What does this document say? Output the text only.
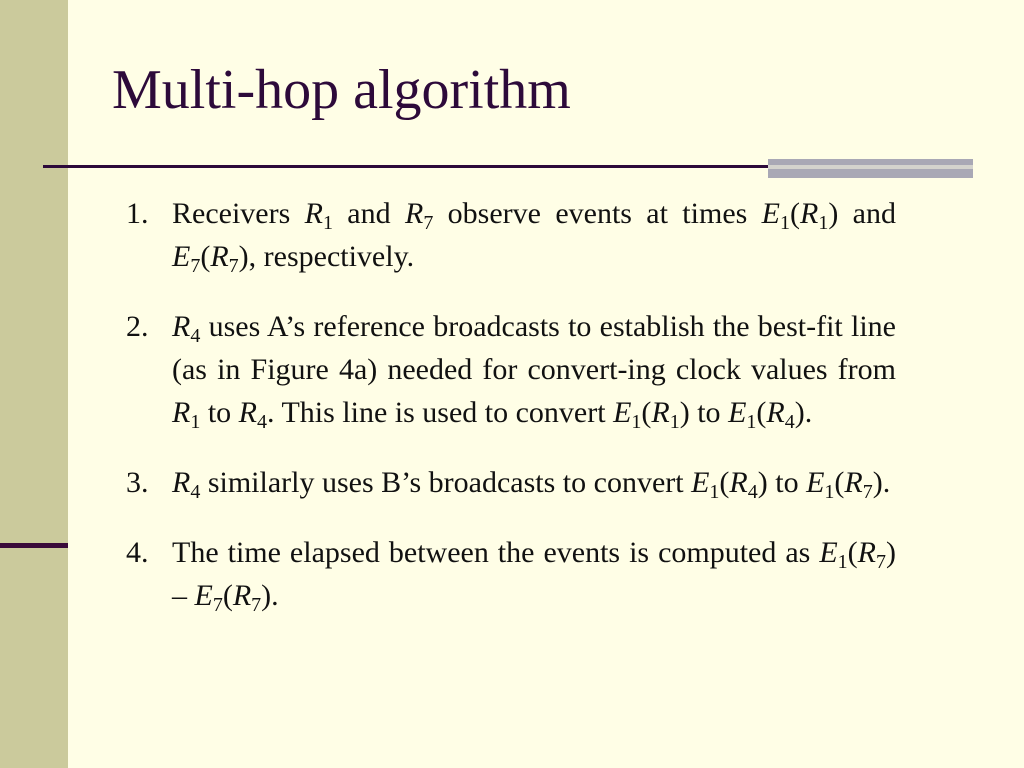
Multi-hop algorithm
1. Receivers $R_1$ and $R_7$ observe events at times $E_1(R_1)$ and $E_7(R_7)$, respectively.
2. $R_4$ uses A’s reference broadcasts to establish the best-fit line (as in Figure 4a) needed for convert-ing clock values from $R_1$ to $R_4$. This line is used to convert $E_1(R_1)$ to $E_1(R_4)$.
3. $R_4$ similarly uses B’s broadcasts to convert $E_1(R_4)$ to $E_1(R_7)$.
4. The time elapsed between the events is computed as $E_1(R_7) - E_7(R_7)$.
